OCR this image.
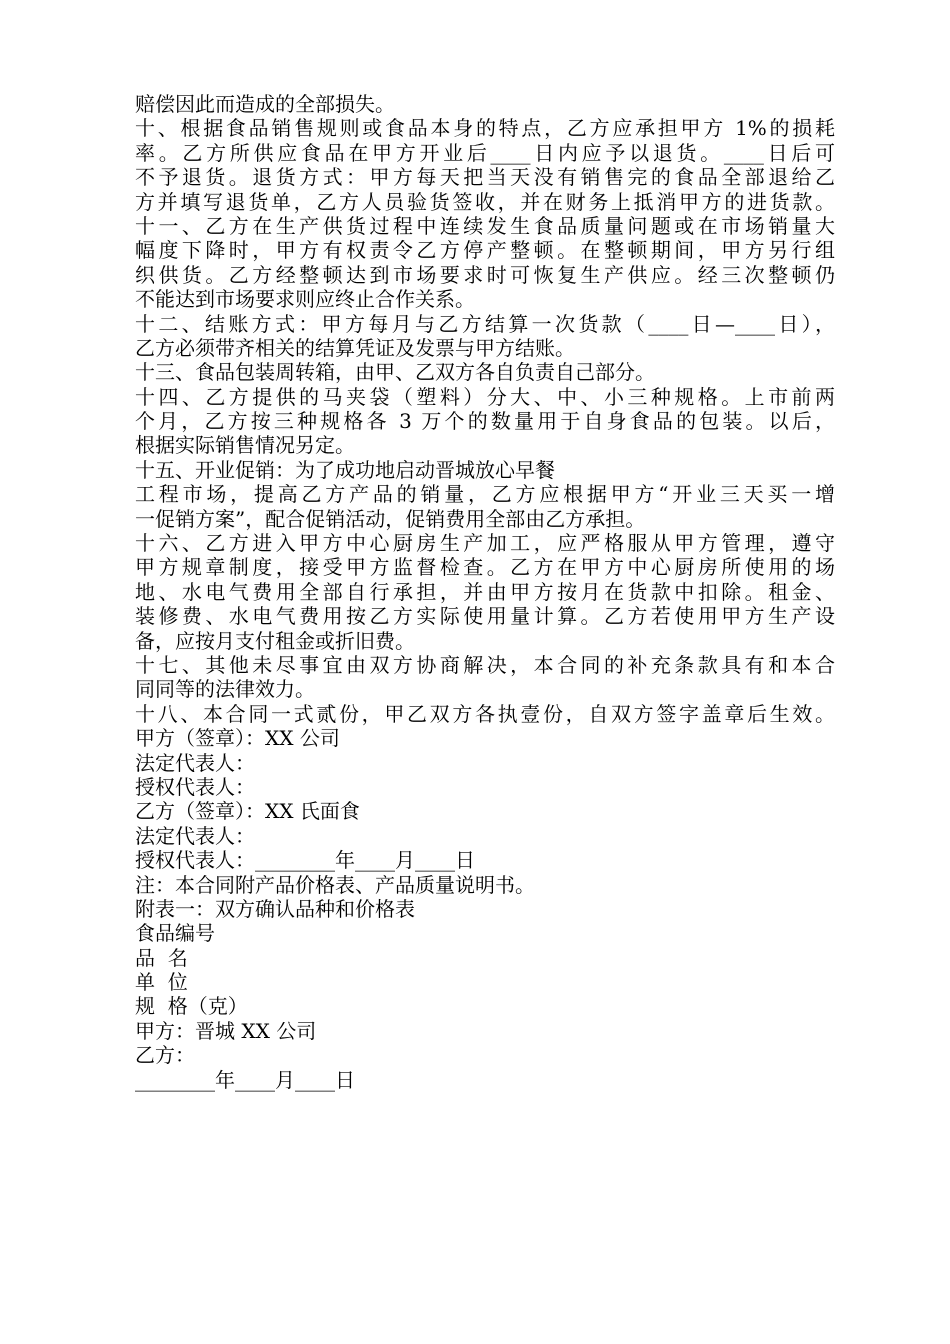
赔偿因此而造成的全部损失。
十、根据食品销售规则或食品本身的特点，乙方应承担甲方 1%的损耗
率。乙方所供应食品在甲方开业后____日内应予以退货。____日后可
不予退货。退货方式：甲方每天把当天没有销售完的食品全部退给乙
方并填写退货单，乙方人员验货签收，并在财务上抵消甲方的进货款。
十一、乙方在生产供货过程中连续发生食品质量问题或在市场销量大
幅度下降时，甲方有权责令乙方停产整顿。在整顿期间，甲方另行组
织供货。乙方经整顿达到市场要求时可恢复生产供应。经三次整顿仍
不能达到市场要求则应终止合作关系。
十二、结账方式：甲方每月与乙方结算一次货款（____日—____日），
乙方必须带齐相关的结算凭证及发票与甲方结账。
十三、食品包装周转箱，由甲、乙双方各自负责自己部分。
十四、乙方提供的马夹袋（塑料）分大、中、小三种规格。上市前两
个月，乙方按三种规格各 3 万个的数量用于自身食品的包装。以后，
根据实际销售情况另定。
十五、开业促销：为了成功地启动晋城放心早餐
工程市场，提高乙方产品的销量，乙方应根据甲方“开业三天买一增
一促销方案”，配合促销活动，促销费用全部由乙方承担。
十六、乙方进入甲方中心厨房生产加工，应严格服从甲方管理，遵守
甲方规章制度，接受甲方监督检查。乙方在甲方中心厨房所使用的场
地、水电气费用全部自行承担，并由甲方按月在货款中扣除。租金、
装修费、水电气费用按乙方实际使用量计算。乙方若使用甲方生产设
备，应按月支付租金或折旧费。
十七、其他未尽事宜由双方协商解决，本合同的补充条款具有和本合
同同等的法律效力。
十八、本合同一式贰份，甲乙双方各执壹份，自双方签字盖章后生效。
甲方（签章）：XX 公司
法定代表人：
授权代表人：
乙方（签章）：XX 氏面食
法定代表人：
授权代表人：________年____月____日
注：本合同附产品价格表、产品质量说明书。
附表一：双方确认品种和价格表
食品编号
品  名
单  位
规  格（克）
甲方：晋城 XX 公司
乙方：
________年____月____日
